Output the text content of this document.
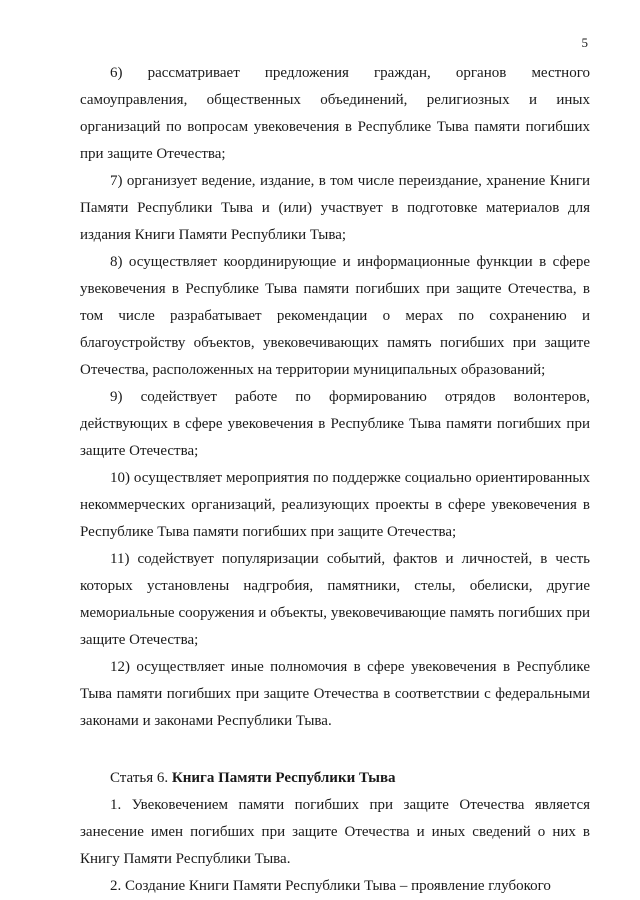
5

6) рассматривает предложения граждан, органов местного самоуправления, общественных объединений, религиозных и иных организаций по вопросам увековечения в Республике Тыва памяти погибших при защите Отечества;

7) организует ведение, издание, в том числе переиздание, хранение Книги Памяти Республики Тыва и (или) участвует в подготовке материалов для издания Книги Памяти Республики Тыва;

8) осуществляет координирующие и информационные функции в сфере увековечения в Республике Тыва памяти погибших при защите Отечества, в том числе разрабатывает рекомендации о мерах по сохранению и благоустройству объектов, увековечивающих память погибших при защите Отечества, расположенных на территории муниципальных образований;

9) содействует работе по формированию отрядов волонтеров, действующих в сфере увековечения в Республике Тыва памяти погибших при защите Отечества;

10) осуществляет мероприятия по поддержке социально ориентированных некоммерческих организаций, реализующих проекты в сфере увековечения в Республике Тыва памяти погибших при защите Отечества;

11) содействует популяризации событий, фактов и личностей, в честь которых установлены надгробия, памятники, стелы, обелиски, другие мемориальные сооружения и объекты, увековечивающие память погибших при защите Отечества;

12) осуществляет иные полномочия в сфере увековечения в Республике Тыва памяти погибших при защите Отечества в соответствии с федеральными законами и законами Республики Тыва.

Статья 6. Книга Памяти Республики Тыва

1. Увековечением памяти погибших при защите Отечества является занесение имен погибших при защите Отечества и иных сведений о них в Книгу Памяти Республики Тыва.

2. Создание Книги Памяти Республики Тыва – проявление глубокого
